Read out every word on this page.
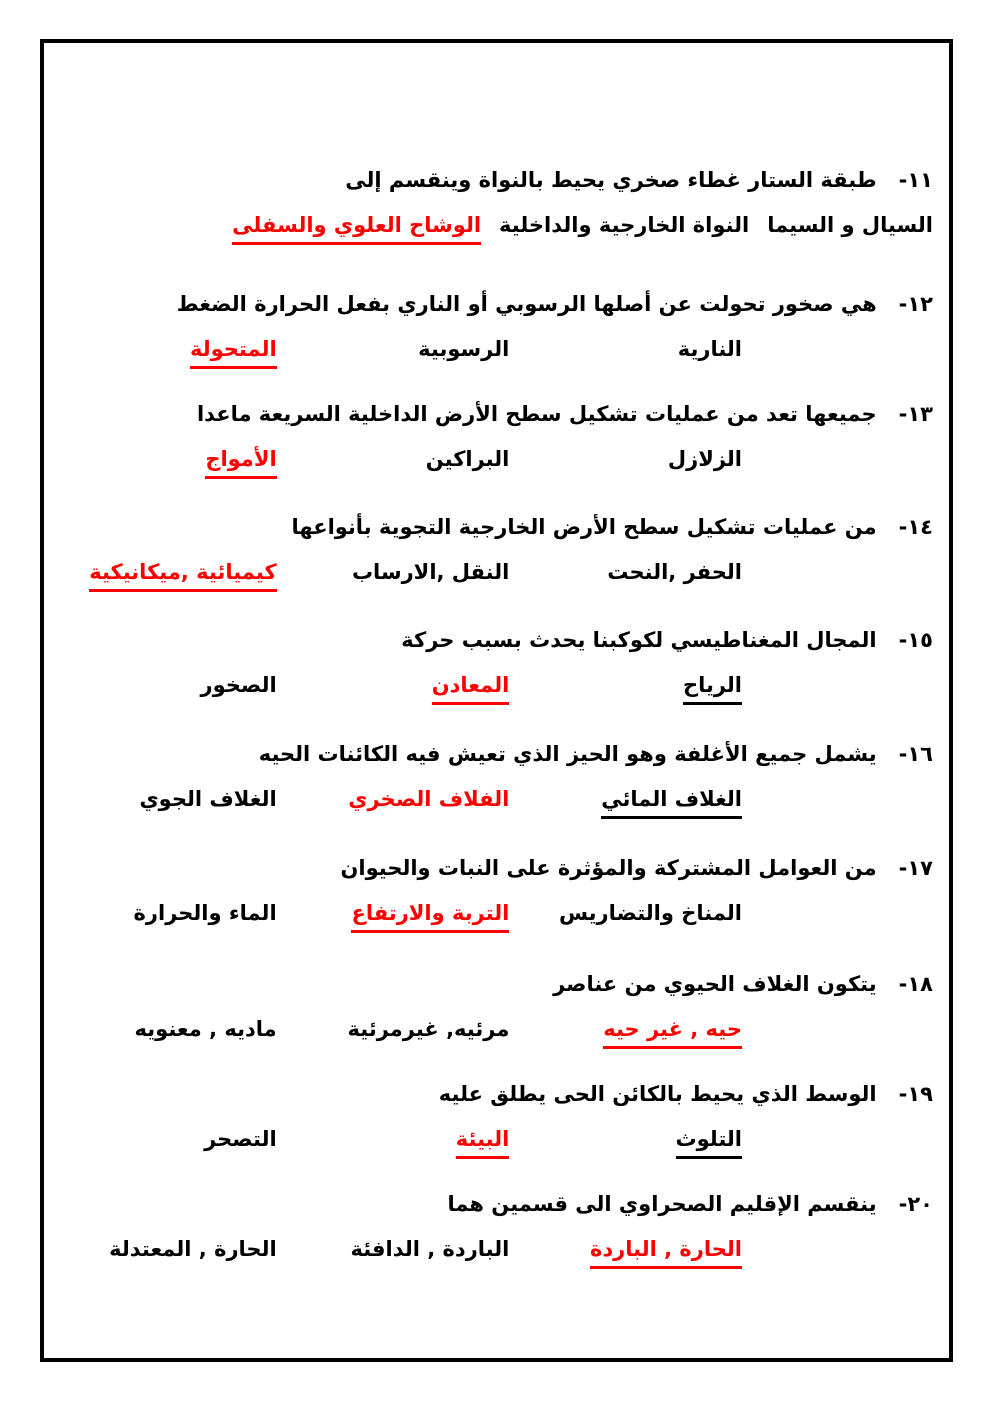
١١-
طبقة الستار غطاء صخري يحيط بالنواة وينقسم إلى
السيال و السيما
النواة الخارجية والداخلية
الوشاح العلوي والسفلى
١٢-
هي صخور تحولت عن أصلها الرسوبي أو الناري بفعل الحرارة الضغط
النارية
الرسوبية
المتحولة
١٣-
جميعها تعد من عمليات تشكيل سطح الأرض الداخلية السريعة ماعدا
الزلازل
البراكين
الأمواج
١٤-
من عمليات تشكيل سطح الأرض الخارجية التجوية بأنواعها
الحفر ,النحت
النقل ,الارساب
كيميائية ,ميكانيكية
١٥-
المجال المغناطيسي لكوكبنا يحدث بسبب حركة
الرياح
المعادن
الصخور
١٦-
يشمل جميع الأغلفة وهو الحيز الذي تعيش فيه الكائنات الحيه
الغلاف المائي
الفلاف الصخري
الغلاف الجوي
١٧-
من العوامل المشتركة والمؤثرة على النبات والحيوان
المناخ والتضاريس
التربة والارتفاع
الماء والحرارة
١٨-
يتكون الغلاف الحيوي من عناصر
حيه , غير حيه
مرئيه, غيرمرئية
ماديه , معنويه
١٩-
الوسط الذي يحيط بالكائن الحى يطلق عليه
التلوث
البيئة
التصحر
٢٠-
ينقسم الإقليم الصحراوي الى قسمين هما
الحارة , الباردة
الباردة , الدافئة
الحارة , المعتدلة
